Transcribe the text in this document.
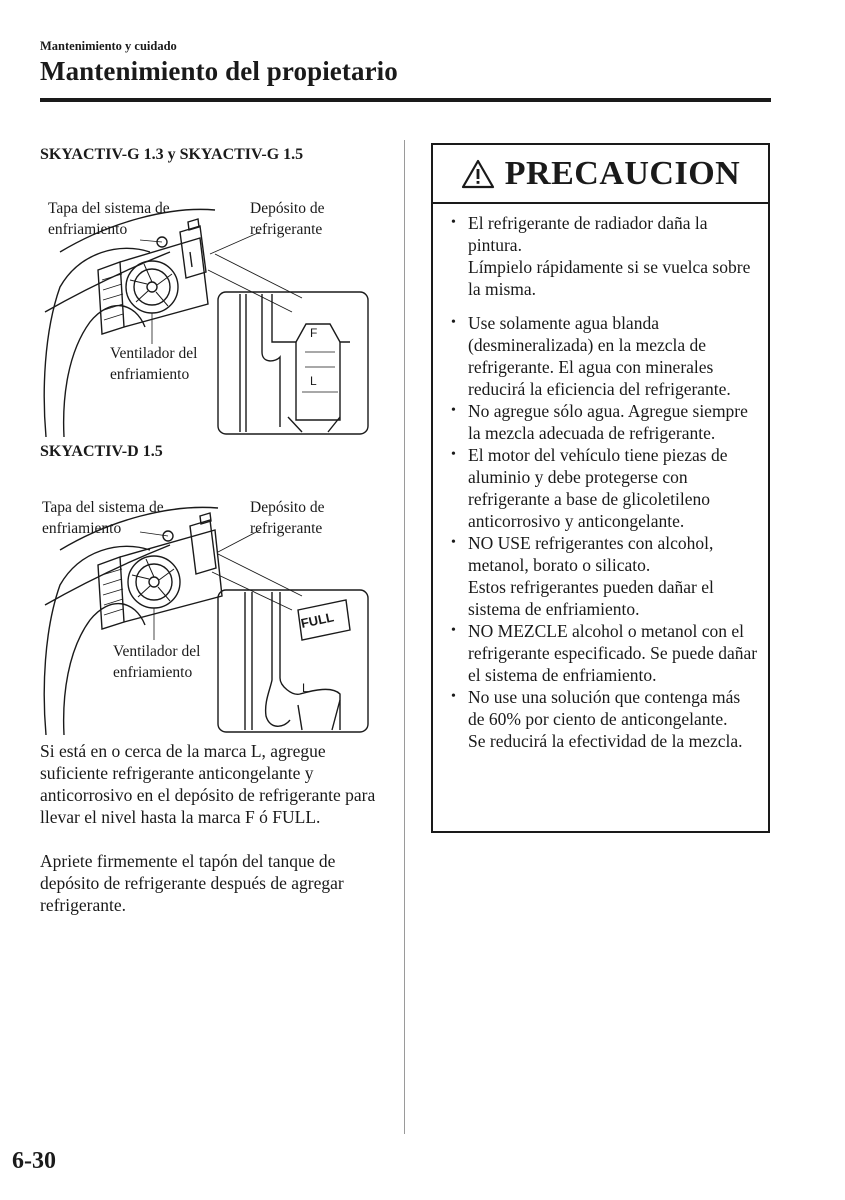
Mantenimiento y cuidado
Mantenimiento del propietario
SKYACTIV-G 1.3 y SKYACTIV-G 1.5
F
L
Tapa del sistema de
enfriamiento
Depósito de
refrigerante
Ventilador del
enfriamiento
SKYACTIV-D 1.5
FULL
L
Tapa del sistema de
enfriamiento
Depósito de
refrigerante
Ventilador del
enfriamiento
Si está en o cerca de la marca L, agregue suficiente refrigerante anticongelante y anticorrosivo en el depósito de refrigerante para llevar el nivel hasta la marca F ó FULL.
Apriete firmemente el tapón del tanque de depósito de refrigerante después de agregar refrigerante.
PRECAUCION
• El refrigerante de radiador daña la pintura.
Límpielo rápidamente si se vuelca sobre la misma.
• Use solamente agua blanda (desmineralizada) en la mezcla de refrigerante. El agua con minerales reducirá la eficiencia del refrigerante.
• No agregue sólo agua. Agregue siempre la mezcla adecuada de refrigerante.
• El motor del vehículo tiene piezas de aluminio y debe protegerse con refrigerante a base de glicoletileno anticorrosivo y anticongelante.
• NO USE refrigerantes con alcohol, metanol, borato o silicato.
Estos refrigerantes pueden dañar el sistema de enfriamiento.
• NO MEZCLE alcohol o metanol con el refrigerante especificado. Se puede dañar el sistema de enfriamiento.
• No use una solución que contenga más de 60% por ciento de anticongelante.
Se reducirá la efectividad de la mezcla.
6-30
